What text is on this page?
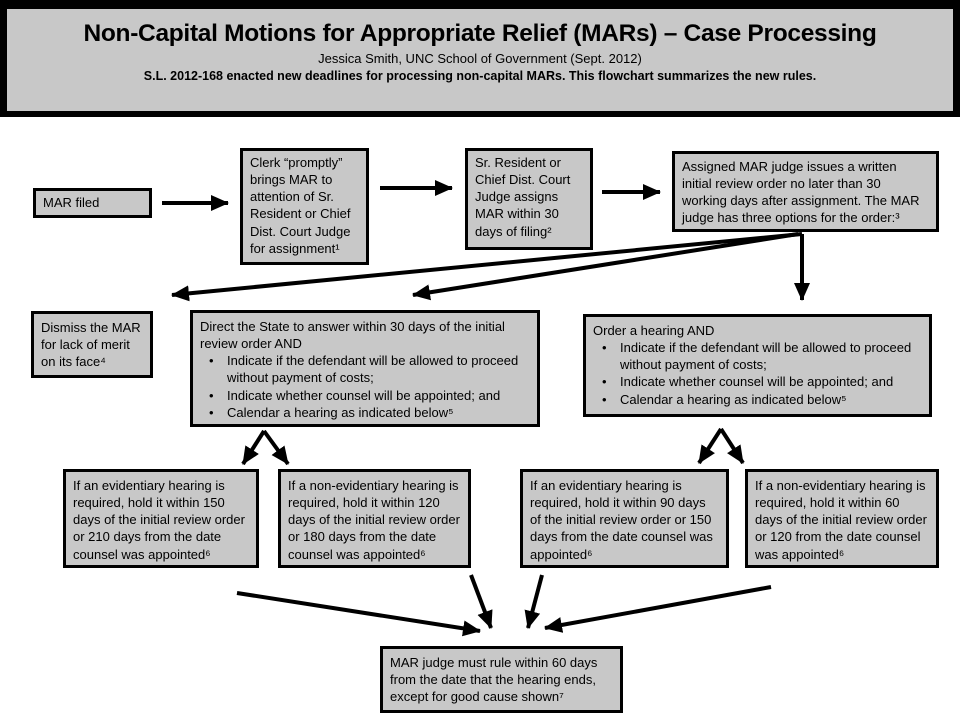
Non-Capital Motions for Appropriate Relief (MARs) – Case Processing
Jessica Smith, UNC School of Government (Sept. 2012)
S.L. 2012-168 enacted new deadlines for processing non-capital MARs. This flowchart summarizes the new rules.
MAR filed
Clerk “promptly” brings MAR to attention of Sr. Resident or Chief Dist. Court Judge for assignment¹
Sr. Resident or Chief Dist. Court Judge assigns MAR within 30 days of filing²
Assigned MAR judge issues a written initial review order no later than 30 working days after assignment. The MAR judge has three options for the order:³
Dismiss the MAR for lack of merit on its face⁴
Direct the State to answer within 30 days of the initial review order AND
• Indicate if the defendant will be allowed to proceed without payment of costs;
• Indicate whether counsel will be appointed; and
• Calendar a hearing as indicated below⁵
Order a hearing AND
• Indicate if the defendant will be allowed to proceed without payment of costs;
• Indicate whether counsel will be appointed; and
• Calendar a hearing as indicated below⁵
If an evidentiary hearing is required, hold it within 150 days of the initial review order or 210 days from the date counsel was appointed⁶
If a non-evidentiary hearing is required, hold it within 120 days of the initial review order or 180 days from the date counsel was appointed⁶
If an evidentiary hearing is required, hold it within 90 days of the initial review order or 150 days from the date counsel was appointed⁶
If a non-evidentiary hearing is required, hold it within 60 days of the initial review order or 120 from the date counsel was appointed⁶
MAR judge must rule within 60 days from the date that the hearing ends, except for good cause shown⁷
